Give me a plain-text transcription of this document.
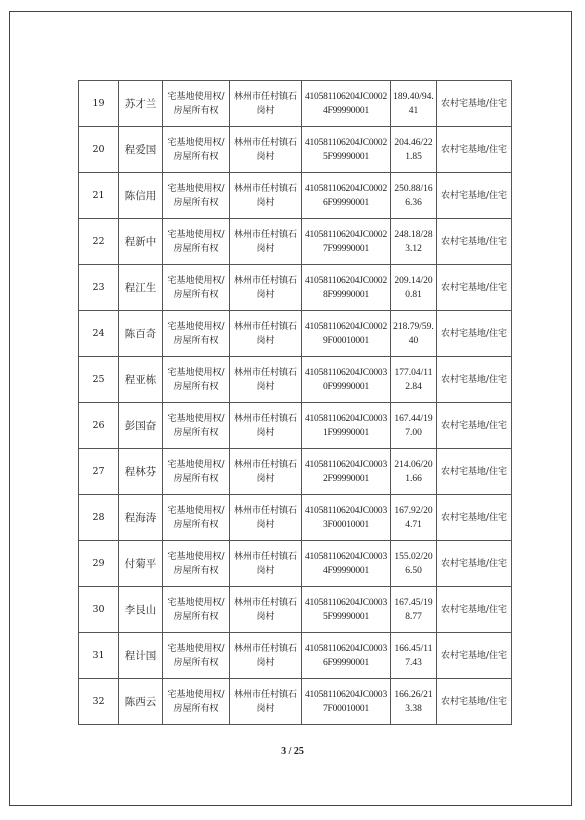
19	苏才兰	宅基地使用权/房屋所有权	林州市任村镇石岗村	410581106204JC00024F99990001	189.40/94.41	农村宅基地/住宅
20	程爱国	宅基地使用权/房屋所有权	林州市任村镇石岗村	410581106204JC00025F99990001	204.46/221.85	农村宅基地/住宅
21	陈信用	宅基地使用权/房屋所有权	林州市任村镇石岗村	410581106204JC00026F99990001	250.88/166.36	农村宅基地/住宅
22	程新中	宅基地使用权/房屋所有权	林州市任村镇石岗村	410581106204JC00027F99990001	248.18/283.12	农村宅基地/住宅
23	程江生	宅基地使用权/房屋所有权	林州市任村镇石岗村	410581106204JC00028F99990001	209.14/200.81	农村宅基地/住宅
24	陈百奇	宅基地使用权/房屋所有权	林州市任村镇石岗村	410581106204JC00029F00010001	218.79/59.40	农村宅基地/住宅
25	程亚栋	宅基地使用权/房屋所有权	林州市任村镇石岗村	410581106204JC00030F99990001	177.04/112.84	农村宅基地/住宅
26	彭国奋	宅基地使用权/房屋所有权	林州市任村镇石岗村	410581106204JC00031F99990001	167.44/197.00	农村宅基地/住宅
27	程林芬	宅基地使用权/房屋所有权	林州市任村镇石岗村	410581106204JC00032F99990001	214.06/201.66	农村宅基地/住宅
28	程海涛	宅基地使用权/房屋所有权	林州市任村镇石岗村	410581106204JC00033F00010001	167.92/204.71	农村宅基地/住宅
29	付菊平	宅基地使用权/房屋所有权	林州市任村镇石岗村	410581106204JC00034F99990001	155.02/206.50	农村宅基地/住宅
30	李艮山	宅基地使用权/房屋所有权	林州市任村镇石岗村	410581106204JC00035F99990001	167.45/198.77	农村宅基地/住宅
31	程计国	宅基地使用权/房屋所有权	林州市任村镇石岗村	410581106204JC00036F99990001	166.45/117.43	农村宅基地/住宅
32	陈西云	宅基地使用权/房屋所有权	林州市任村镇石岗村	410581106204JC00037F00010001	166.26/213.38	农村宅基地/住宅
3 / 25
